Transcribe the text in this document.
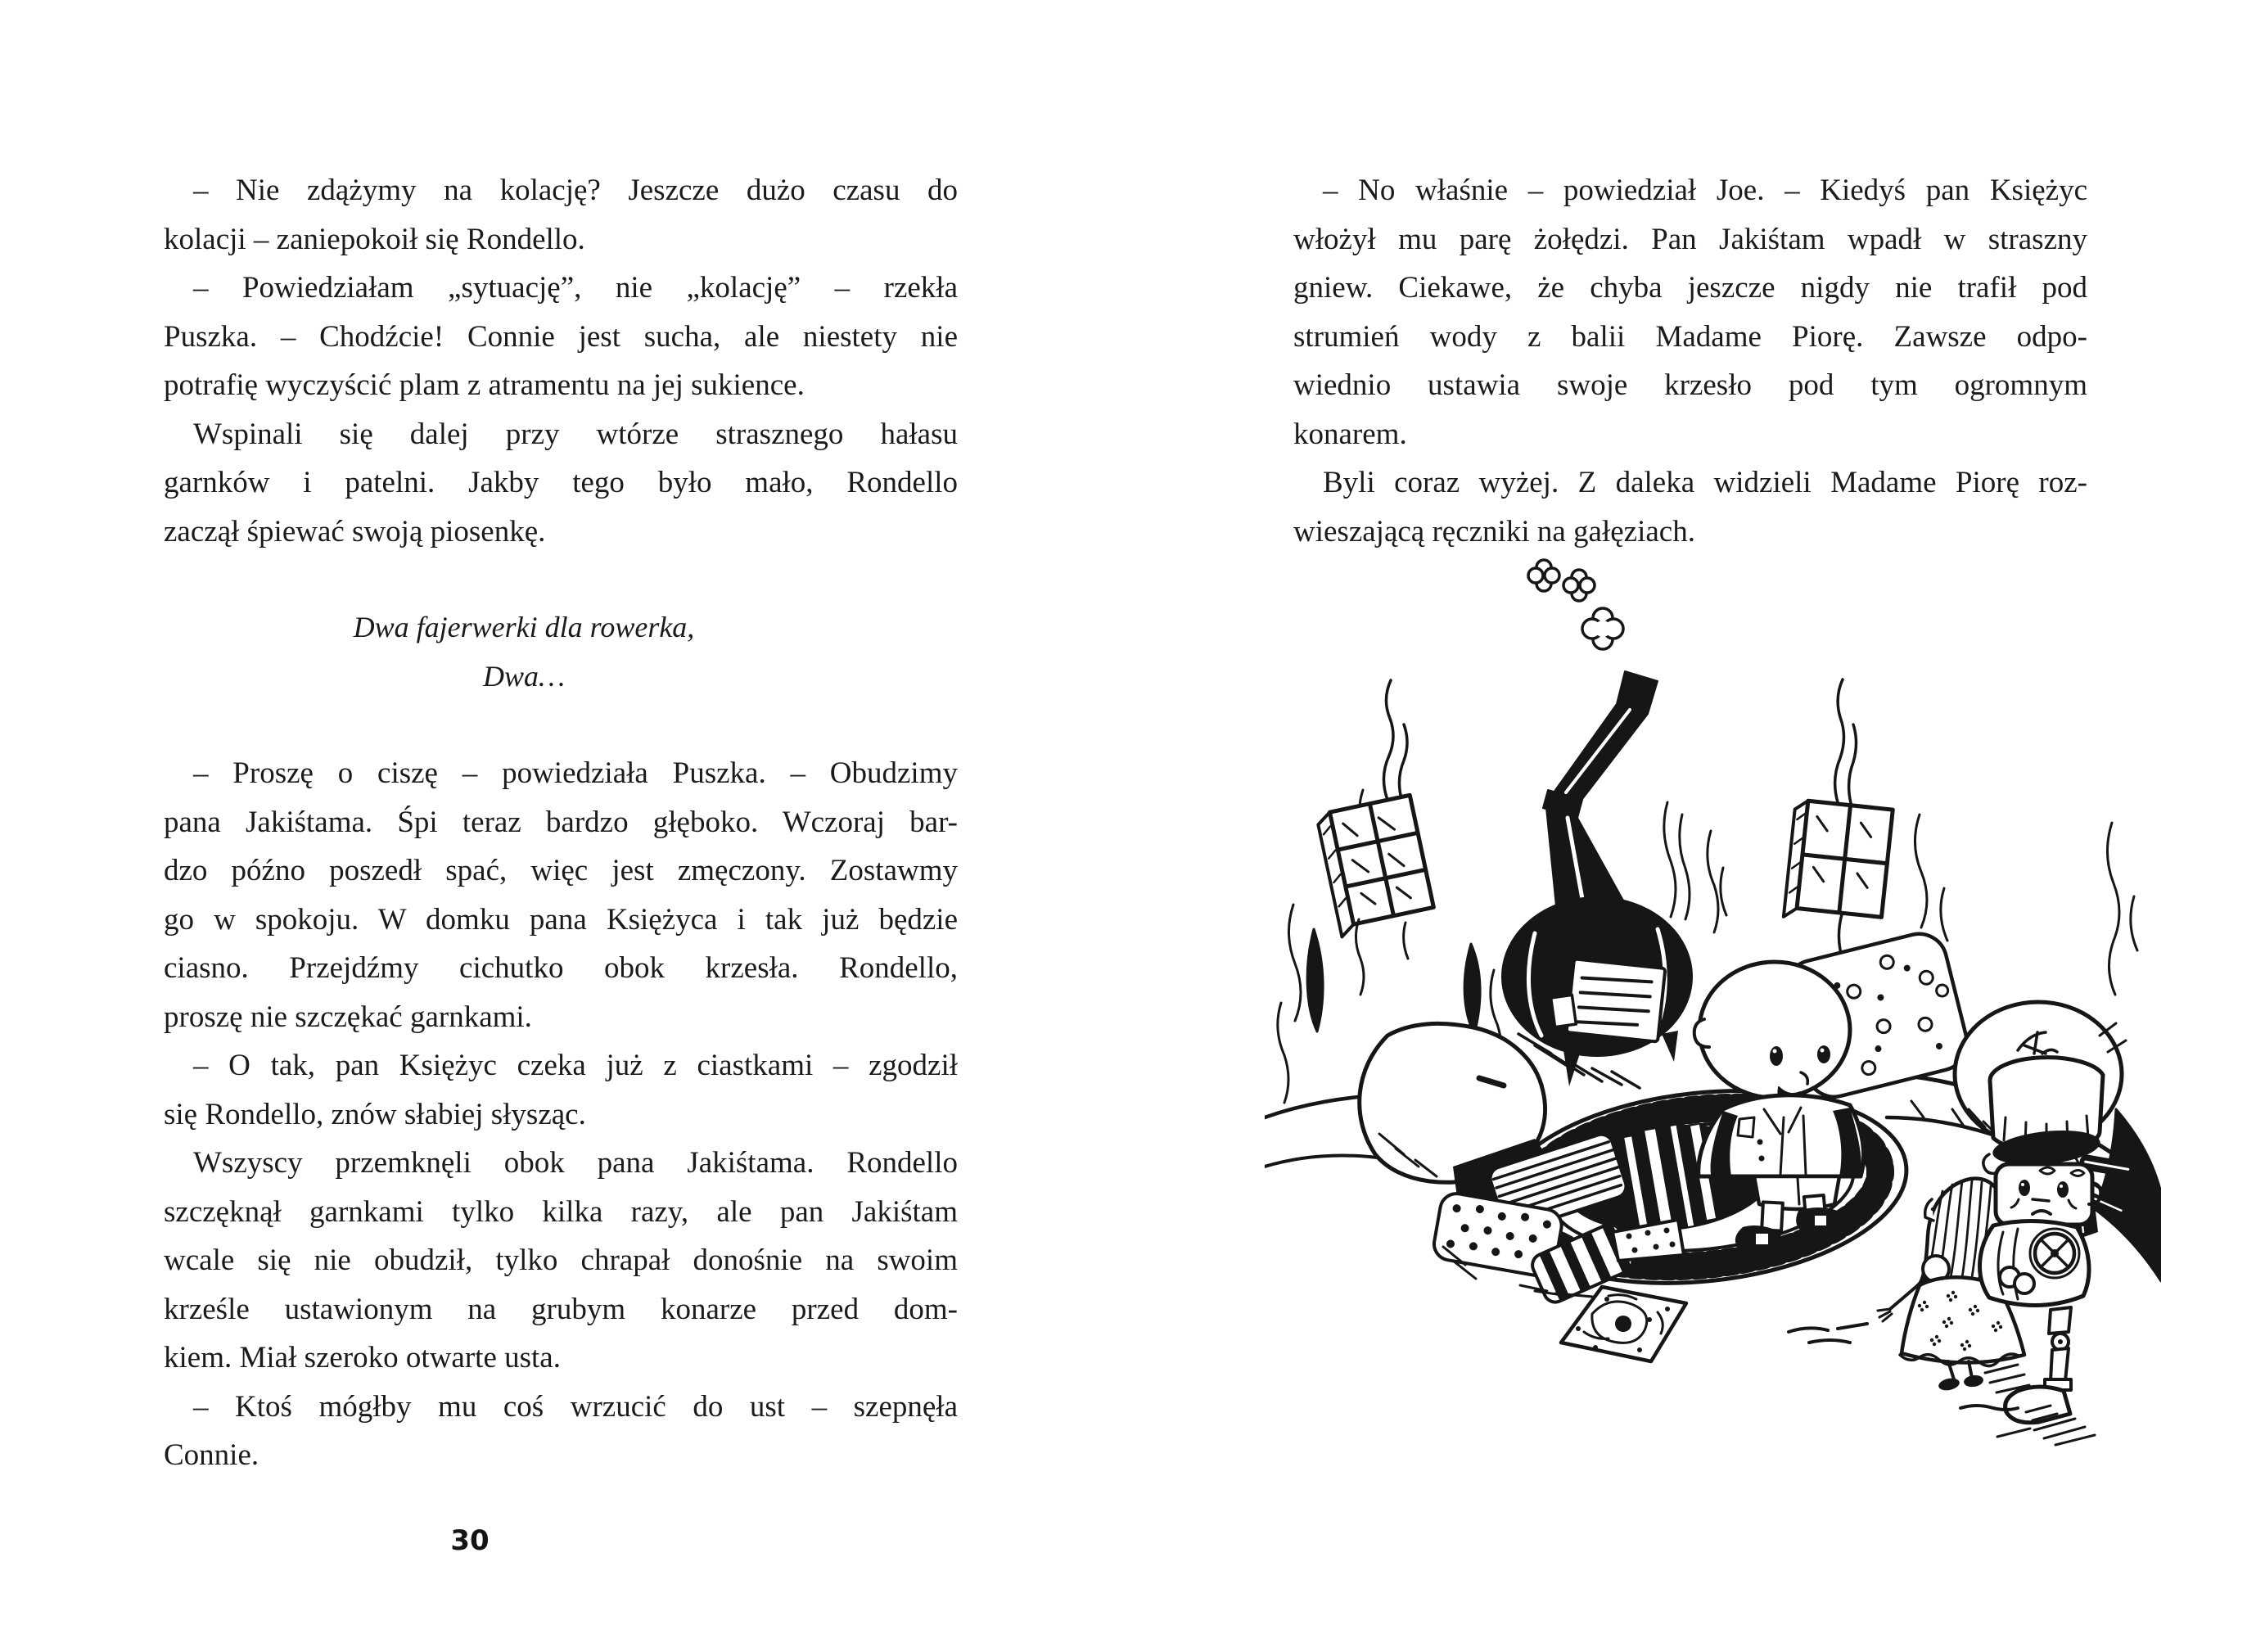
– Nie zdążymy na kolację? Jeszcze dużo czasu do

kolacji – zaniepokoił się Rondello.

– Powiedziałam „sytuację”, nie „kolację” – rzekła

Puszka. – Chodźcie! Connie jest sucha, ale niestety nie

potrafię wyczyścić plam z atramentu na jej sukience.

Wspinali się dalej przy wtórze strasznego hałasu

garnków i patelni. Jakby tego było mało, Rondello

zaczął śpiewać swoją piosenkę.

Dwa fajerwerki dla rowerka,

Dwa…

– Proszę o ciszę – powiedziała Puszka. – Obudzimy

pana Jakiśtama. Śpi teraz bardzo głęboko. Wczoraj bar-

dzo późno poszedł spać, więc jest zmęczony. Zostawmy

go w spokoju. W domku pana Księżyca i tak już będzie

ciasno. Przejdźmy cichutko obok krzesła. Rondello,

proszę nie szczękać garnkami.

– O tak, pan Księżyc czeka już z ciastkami – zgodził

się Rondello, znów słabiej słysząc.

Wszyscy przemknęli obok pana Jakiśtama. Rondello

szczęknął garnkami tylko kilka razy, ale pan Jakiśtam

wcale się nie obudził, tylko chrapał donośnie na swoim

krześle ustawionym na grubym konarze przed dom-

kiem. Miał szeroko otwarte usta.

– Ktoś mógłby mu coś wrzucić do ust – szepnęła

Connie.

30

– No właśnie – powiedział Joe. – Kiedyś pan Księżyc

włożył mu parę żołędzi. Pan Jakiśtam wpadł w straszny

gniew. Ciekawe, że chyba jeszcze nigdy nie trafił pod

strumień wody z balii Madame Piorę. Zawsze odpo-

wiednio ustawia swoje krzesło pod tym ogromnym

konarem.

Byli coraz wyżej. Z daleka widzieli Madame Piorę roz-

wieszającą ręczniki na gałęziach.
